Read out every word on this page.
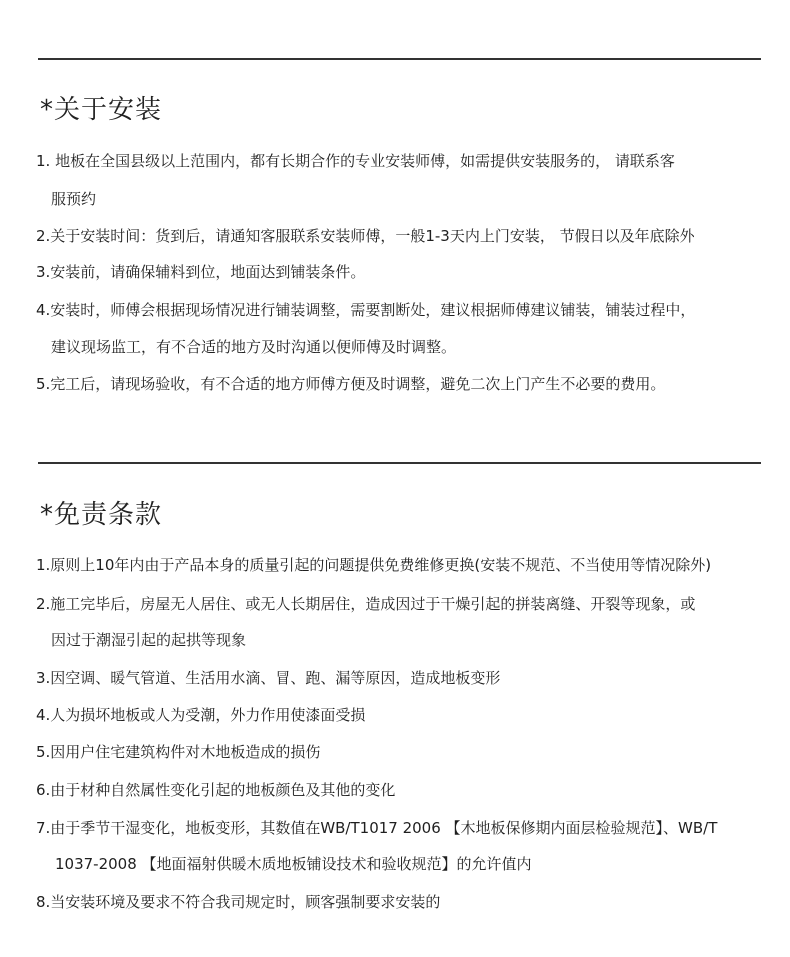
*关于安装
1. 地板在全国县级以上范围内，都有长期合作的专业安装师傅，如需提供安装服务的， 请联系客
服预约
2.关于安装时间：货到后，请通知客服联系安装师傅，一般1-3天内上门安装， 节假日以及年底除外
3.安装前，请确保辅料到位，地面达到铺装条件。
4.安装时，师傅会根据现场情况进行铺装调整，需要割断处，建议根据师傅建议铺装，铺装过程中，
建议现场监工，有不合适的地方及时沟通以便师傅及时调整。
5.完工后，请现场验收，有不合适的地方师傅方便及时调整，避免二次上门产生不必要的费用。
*免责条款
1.原则上10年内由于产品本身的质量引起的问题提供免费维修更换(安装不规范、不当使用等情况除外)
2.施工完毕后，房屋无人居住、或无人长期居住，造成因过于干燥引起的拼装离缝、开裂等现象，或
因过于潮湿引起的起拱等现象
3.因空调、暖气管道、生活用水滴、冒、跑、漏等原因，造成地板变形
4.人为损坏地板或人为受潮，外力作用使漆面受损
5.因用户住宅建筑构件对木地板造成的损伤
6.由于材种自然属性变化引起的地板颜色及其他的变化
7.由于季节干湿变化，地板变形，其数值在WB/T1017 2006 【木地板保修期内面层检验规范】、WB/T
1037-2008 【地面福射供暖木质地板铺设技术和验收规范】的允许值内
8.当安装环境及要求不符合我司规定时，顾客强制要求安装的
